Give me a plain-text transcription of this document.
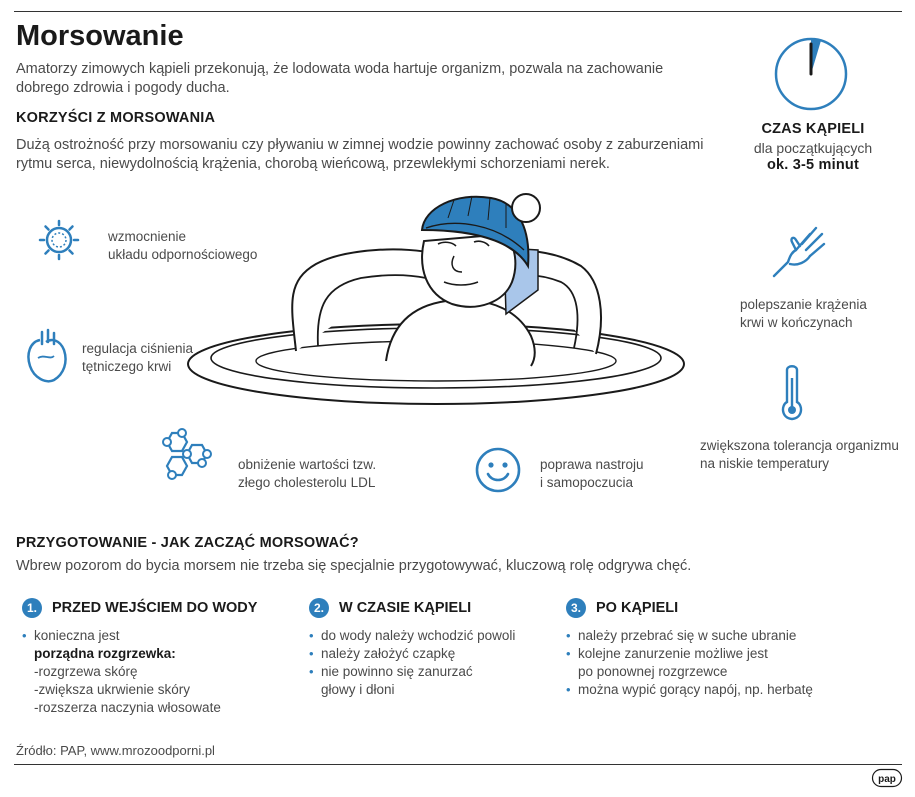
Morsowanie
Amatorzy zimowych kąpieli przekonują, że lodowata woda hartuje organizm, pozwala na zachowanie dobrego zdrowia i pogody ducha.
KORZYŚCI Z MORSOWANIA
Dużą ostrożność przy morsowaniu czy pływaniu w zimnej wodzie powinny zachować osoby z zaburzeniami rytmu serca, niewydolnością krążenia, chorobą wieńcową, przewlekłymi schorzeniami nerek.
CZAS KĄPIELI
dla początkujących
ok. 3-5 minut
wzmocnienie
układu odpornościowego
regulacja ciśnienia
tętniczego krwi
obniżenie wartości tzw.
złego cholesterolu LDL
poprawa nastroju
i samopoczucia
polepszanie krążenia
krwi w kończynach
zwiększona tolerancja organizmu
na niskie temperatury
PRZYGOTOWANIE - JAK ZACZĄĆ MORSOWAĆ?
Wbrew pozorom do bycia morsem nie trzeba się specjalnie przygotowywać, kluczową rolę odgrywa chęć.
1.	PRZED WEJŚCIEM DO WODY
• konieczna jest
porządna rozgrzewka:
-rozgrzewa skórę
-zwiększa ukrwienie skóry
-rozszerza naczynia włosowate
2.	W CZASIE KĄPIELI
• do wody należy wchodzić powoli
• należy założyć czapkę
• nie powinno się zanurzać
głowy i dłoni
3.	PO KĄPIELI
• należy przebrać się w suche ubranie
• kolejne zanurzenie możliwe jest
po ponownej rozgrzewce
• można wypić gorący napój, np. herbatę
Źródło: PAP, www.mrozoodporni.pl
pap
